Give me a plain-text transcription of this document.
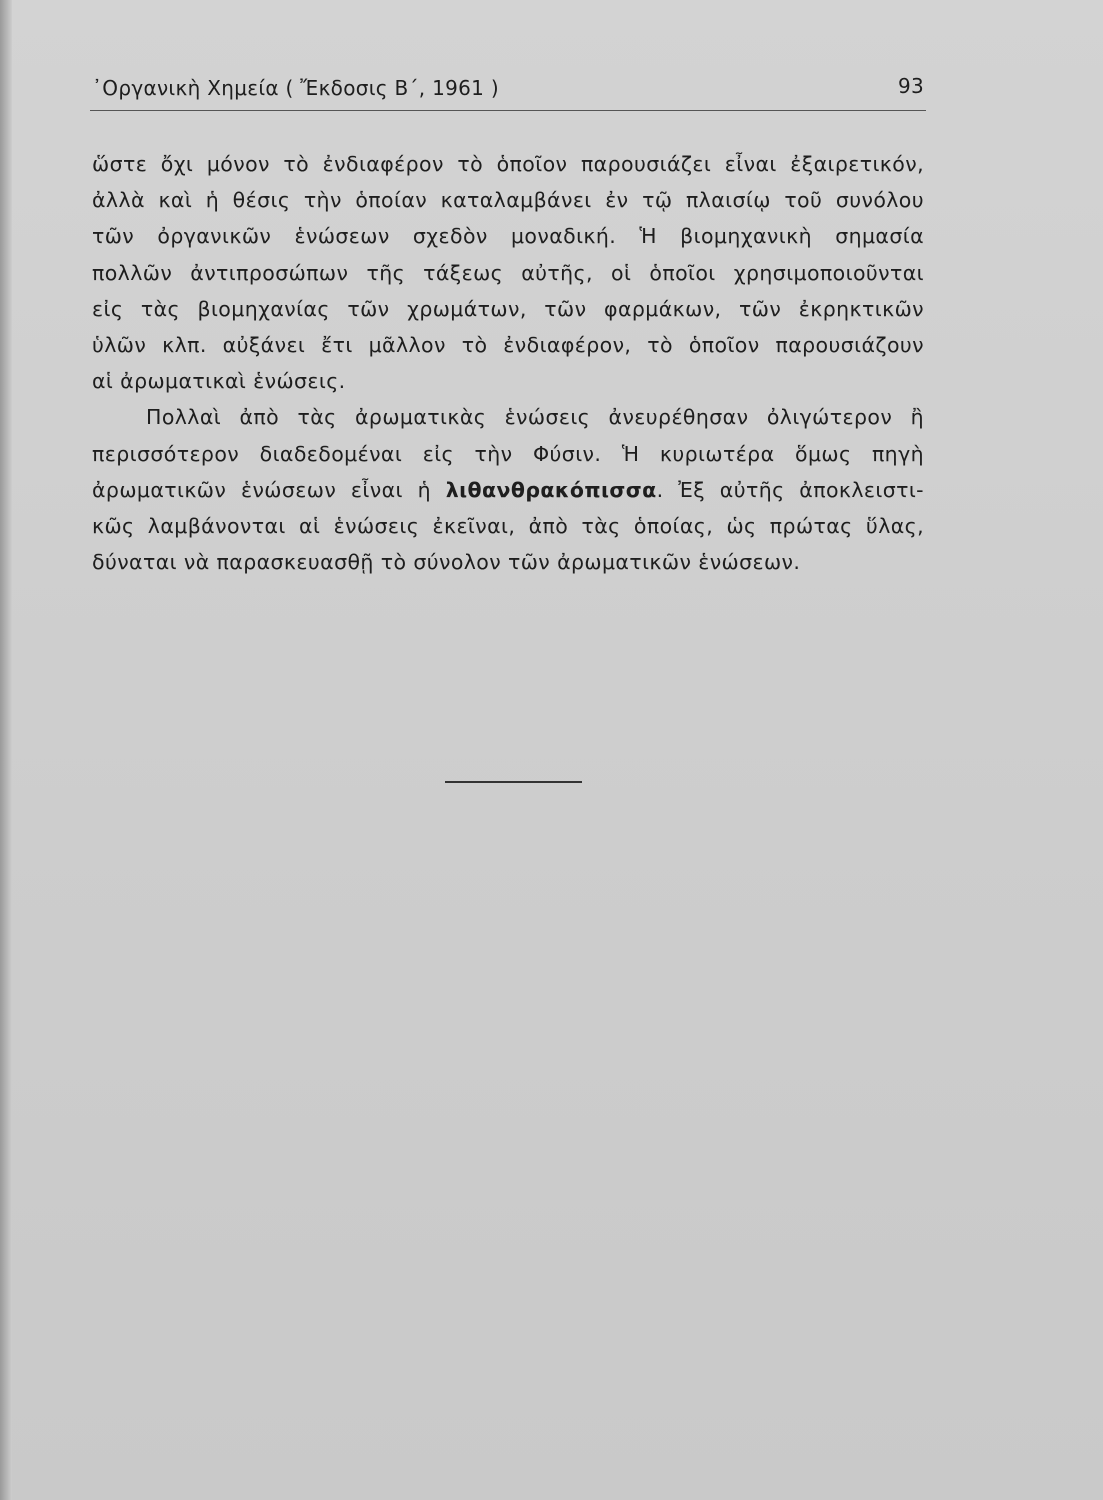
᾿Οργανικὴ Χημεία ( Ἔκδοσις Β΄, 1961 )	93
ὥστε ὄχι μόνον τὸ ἐνδιαφέρον τὸ ὁποῖον παρουσιάζει εἶναι ἐξαιρετικόν,
ἀλλὰ καὶ ἡ θέσις τὴν ὁποίαν καταλαμβάνει ἐν τῷ πλαισίῳ τοῦ συνόλου
τῶν ὀργανικῶν ἑνώσεων σχεδὸν μοναδική. Ἡ βιομηχανικὴ σημασία
πολλῶν ἀντιπροσώπων τῆς τάξεως αὐτῆς, οἱ ὁποῖοι χρησιμοποιοῦνται
εἰς τὰς βιομηχανίας τῶν χρωμάτων, τῶν φαρμάκων, τῶν ἐκρηκτικῶν
ὑλῶν κλπ. αὐξάνει ἔτι μᾶλλον τὸ ἐνδιαφέρον, τὸ ὁποῖον παρουσιάζουν
αἱ ἀρωματικαὶ ἑνώσεις.
Πολλαὶ ἀπὸ τὰς ἀρωματικὰς ἑνώσεις ἀνευρέθησαν ὀλιγώτερον ἢ
περισσότερον διαδεδομέναι εἰς τὴν Φύσιν. Ἡ κυριωτέρα ὅμως πηγὴ
ἀρωματικῶν ἑνώσεων εἶναι ἡ λιθανθρακόπισσα. Ἐξ αὐτῆς ἀποκλειστι-
κῶς λαμβάνονται αἱ ἑνώσεις ἐκεῖναι, ἀπὸ τὰς ὁποίας, ὡς πρώτας ὕλας,
δύναται νὰ παρασκευασθῇ τὸ σύνολον τῶν ἀρωματικῶν ἑνώσεων.
